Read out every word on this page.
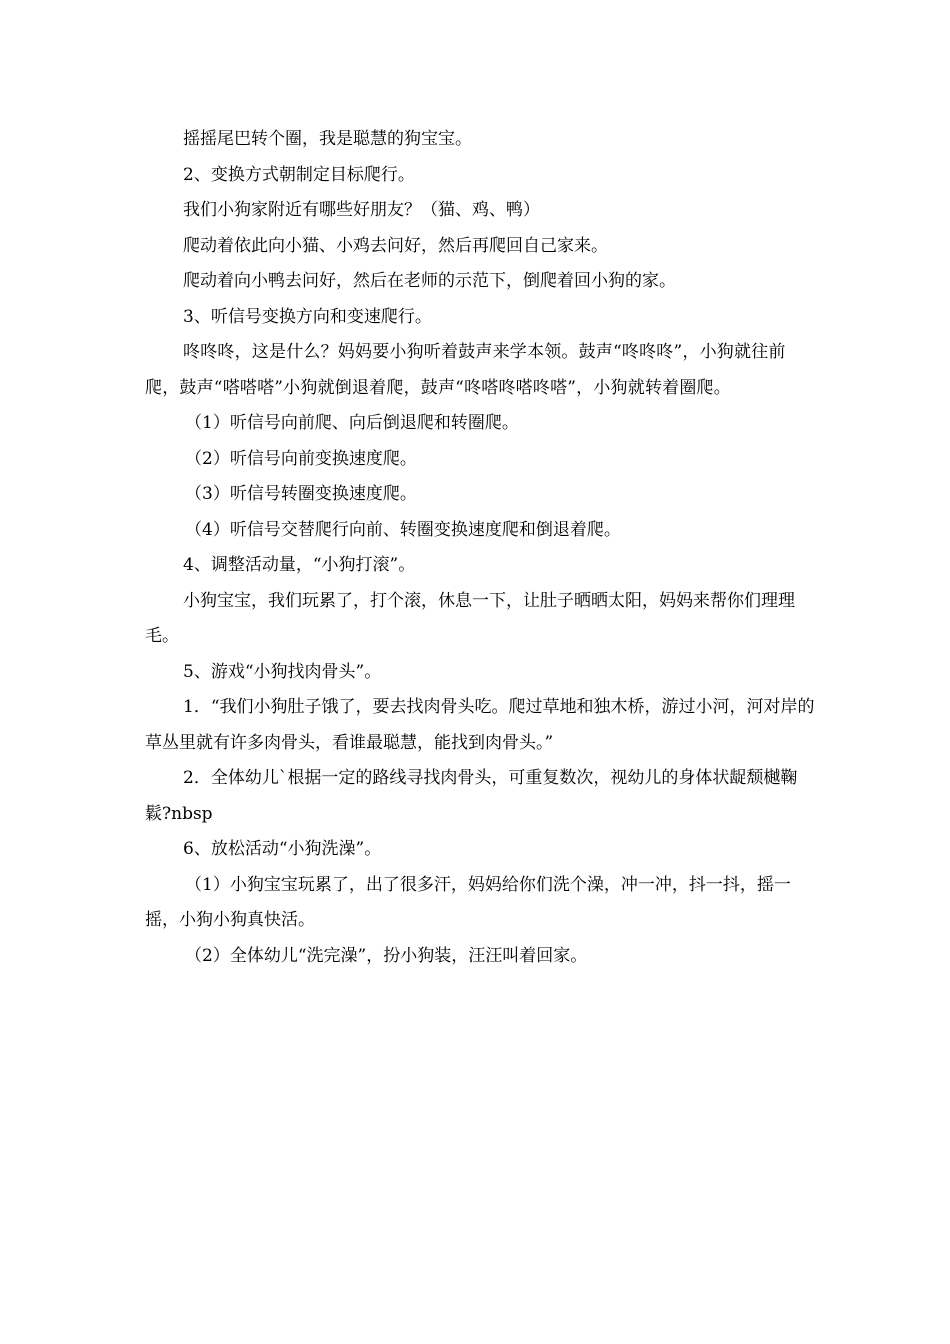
摇摇尾巴转个圈，我是聪慧的狗宝宝。

2、变换方式朝制定目标爬行。

我们小狗家附近有哪些好朋友？（猫、鸡、鸭）

爬动着依此向小猫、小鸡去问好，然后再爬回自己家来。

爬动着向小鸭去问好，然后在老师的示范下，倒爬着回小狗的家。

3、听信号变换方向和变速爬行。

咚咚咚，这是什么？妈妈要小狗听着鼓声来学本领。鼓声“咚咚咚”，小狗就往前爬，鼓声“嗒嗒嗒”小狗就倒退着爬，鼓声“咚嗒咚嗒咚嗒”，小狗就转着圈爬。

（1）听信号向前爬、向后倒退爬和转圈爬。

（2）听信号向前变换速度爬。

（3）听信号转圈变换速度爬。

（4）听信号交替爬行向前、转圈变换速度爬和倒退着爬。

4、调整活动量，“小狗打滚”。

小狗宝宝，我们玩累了，打个滚，休息一下，让肚子晒晒太阳，妈妈来帮你们理理毛。

5、游戏“小狗找肉骨头”。

1．“我们小狗肚子饿了，要去找肉骨头吃。爬过草地和独木桥，游过小河，河对岸的草丛里就有许多肉骨头，看谁最聪慧，能找到肉骨头。”

2．全体幼儿`根据一定的路线寻找肉骨头，可重复数次，视幼儿的身体状龊颓樾鞠鬏?nbsp

6、放松活动“小狗洗澡”。

（1）小狗宝宝玩累了，出了很多汗，妈妈给你们洗个澡，冲一冲，抖一抖，摇一摇，小狗小狗真快活。

（2）全体幼儿“洗完澡”，扮小狗装，汪汪叫着回家。
